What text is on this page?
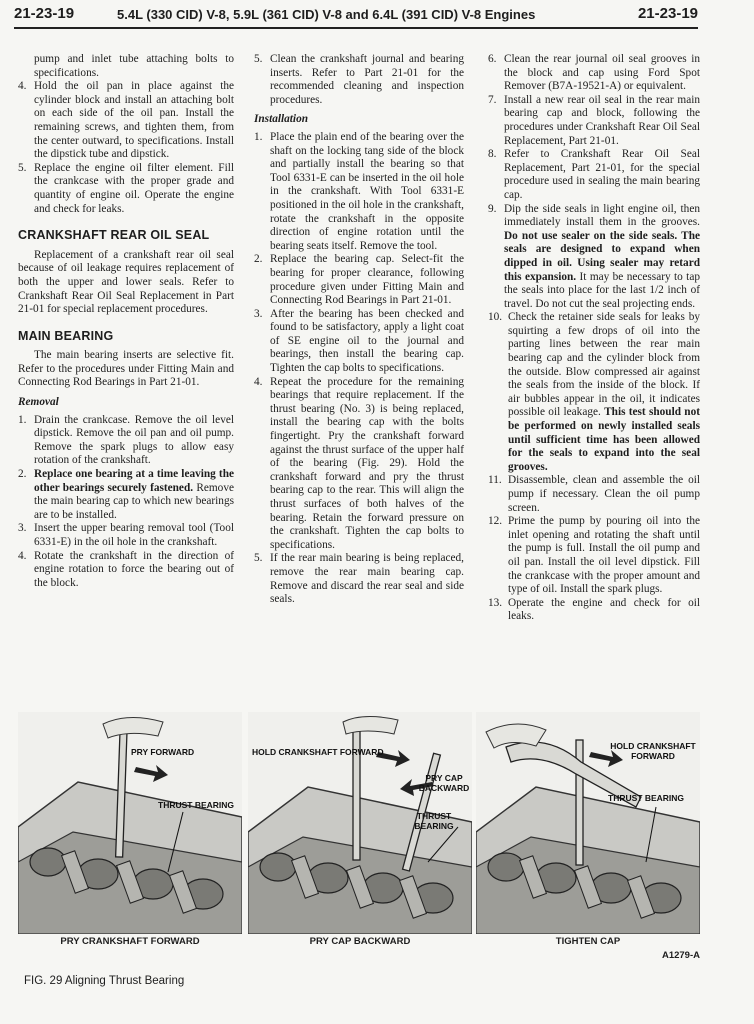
21-23-19	5.4L (330 CID) V-8, 5.9L (361 CID) V-8 and 6.4L (391 CID) V-8 Engines	21-23-19
pump and inlet tube attaching bolts to specifications.
4. Hold the oil pan in place against the cylinder block and install an attaching bolt on each side of the oil pan. Install the remaining screws, and tighten them, from the center outward, to specifications. Install the dipstick tube and dipstick.
5. Replace the engine oil filter element. Fill the crankcase with the proper grade and quantity of engine oil. Operate the engine and check for leaks.
CRANKSHAFT REAR OIL SEAL
Replacement of a crankshaft rear oil seal because of oil leakage requires replacement of both the upper and lower seals. Refer to Crankshaft Rear Oil Seal Replacement in Part 21-01 for special replacement procedures.
MAIN BEARING
The main bearing inserts are selective fit. Refer to the procedures under Fitting Main and Connecting Rod Bearings in Part 21-01.
Removal
1. Drain the crankcase. Remove the oil level dipstick. Remove the oil pan and oil pump. Remove the spark plugs to allow easy rotation of the crankshaft.
2. Replace one bearing at a time leaving the other bearings securely fastened. Remove the main bearing cap to which new bearings are to be installed.
3. Insert the upper bearing removal tool (Tool 6331-E) in the oil hole in the crankshaft.
4. Rotate the crankshaft in the direction of engine rotation to force the bearing out of the block.
5. Clean the crankshaft journal and bearing inserts. Refer to Part 21-01 for the recommended cleaning and inspection procedures.
Installation
1. Place the plain end of the bearing over the shaft on the locking tang side of the block and partially install the bearing so that Tool 6331-E can be inserted in the oil hole in the crankshaft. With Tool 6331-E positioned in the oil hole in the crankshaft, rotate the crankshaft in the opposite direction of engine rotation until the bearing seats itself. Remove the tool.
2. Replace the bearing cap. Select-fit the bearing for proper clearance, following procedure given under Fitting Main and Connecting Rod Bearings in Part 21-01.
3. After the bearing has been checked and found to be satisfactory, apply a light coat of SE engine oil to the journal and bearings, then install the bearing cap. Tighten the cap bolts to specifications.
4. Repeat the procedure for the remaining bearings that require replacement. If the thrust bearing (No. 3) is being replaced, install the bearing cap with the bolts fingertight. Pry the crankshaft forward against the thrust surface of the upper half of the bearing (Fig. 29). Hold the crankshaft forward and pry the thrust bearing cap to the rear. This will align the thrust surfaces of both halves of the bearing. Retain the forward pressure on the crankshaft. Tighten the cap bolts to specifications.
5. If the rear main bearing is being replaced, remove the rear main bearing cap. Remove and discard the rear seal and side seals.
6. Clean the rear journal oil seal grooves in the block and cap using Ford Spot Remover (B7A-19521-A) or equivalent.
7. Install a new rear oil seal in the rear main bearing cap and block, following the procedures under Crankshaft Rear Oil Seal Replacement, Part 21-01.
8. Refer to Crankshaft Rear Oil Seal Replacement, Part 21-01, for the special procedure used in sealing the main bearing cap.
9. Dip the side seals in light engine oil, then immediately install them in the grooves. Do not use sealer on the side seals. The seals are designed to expand when dipped in oil. Using sealer may retard this expansion. It may be necessary to tap the seals into place for the last 1/2 inch of travel. Do not cut the seal projecting ends.
10. Check the retainer side seals for leaks by squirting a few drops of oil into the parting lines between the rear main bearing cap and the cylinder block from the outside. Blow compressed air against the seals from the inside of the block. If air bubbles appear in the oil, it indicates possible oil leakage. This test should not be performed on newly installed seals until sufficient time has been allowed for the seals to expand into the seal grooves.
11. Disassemble, clean and assemble the oil pump if necessary. Clean the oil pump screen.
12. Prime the pump by pouring oil into the inlet opening and rotating the shaft until the pump is full. Install the oil pump and oil pan. Install the oil level dipstick. Fill the crankcase with the proper amount and type of oil. Install the spark plugs.
13. Operate the engine and check for oil leaks.
PRY FORWARD
THRUST BEARING
HOLD CRANKSHAFT FORWARD
PRY CAP BACKWARD
THRUST BEARING
HOLD CRANKSHAFT FORWARD
THRUST BEARING
PRY CRANKSHAFT FORWARD	PRY CAP BACKWARD	TIGHTEN CAP
A1279-A
FIG. 29 Aligning Thrust Bearing
